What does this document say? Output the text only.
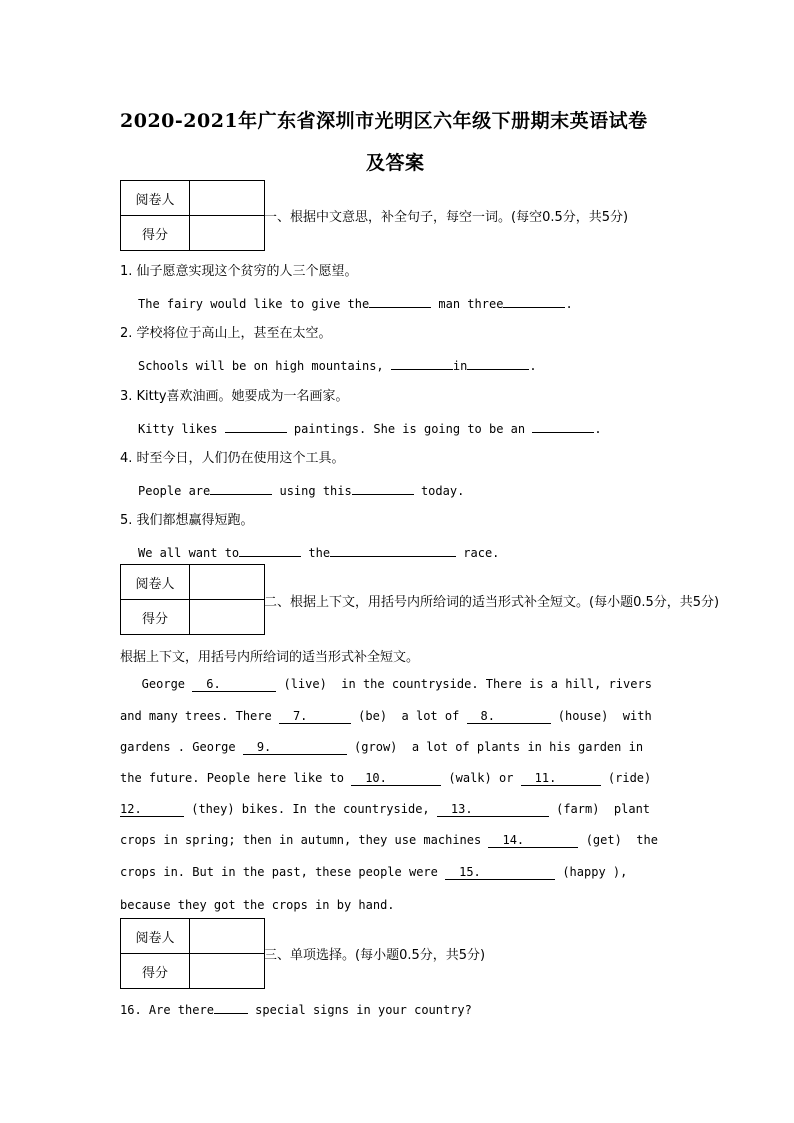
2020-2021年广东省深圳市光明区六年级下册期末英语试卷
及答案
阅卷人	
得分	
一、根据中文意思，补全句子，每空一词。(每空0.5分，共5分)
1. 仙子愿意实现这个贫穷的人三个愿望。
The fairy would like to give the	man three	.
2. 学校将位于高山上，甚至在太空。
Schools will be on high mountains,	in	.
3. Kitty喜欢油画。她要成为一名画家。
Kitty likes	paintings. She is going to be an	.
4. 时至今日，人们仍在使用这个工具。
People are	using this	today.
5. 我们都想赢得短跑。
We all want to	the	race.
阅卷人	
得分	
二、根据上下文，用括号内所给词的适当形式补全短文。(每小题0.5分，共5分)
根据上下文，用括号内所给词的适当形式补全短文。
George 6.	(live)  in the countryside. There is a hill, rivers
and many trees. There 7.	(be)  a lot of 8.	(house)  with
gardens . George 9.	(grow)  a lot of plants in his garden in
the future. People here like to 10.	(walk) or 11.	(ride)
12.	(they) bikes. In the countryside, 13.	(farm)  plant
crops in spring; then in autumn, they use machines 14.	(get)  the
crops in. But in the past, these people were 15.	(happy ),
because they got the crops in by hand.
阅卷人	
得分	
三、单项选择。(每小题0.5分，共5分)
16. Are there	special signs in your country?
